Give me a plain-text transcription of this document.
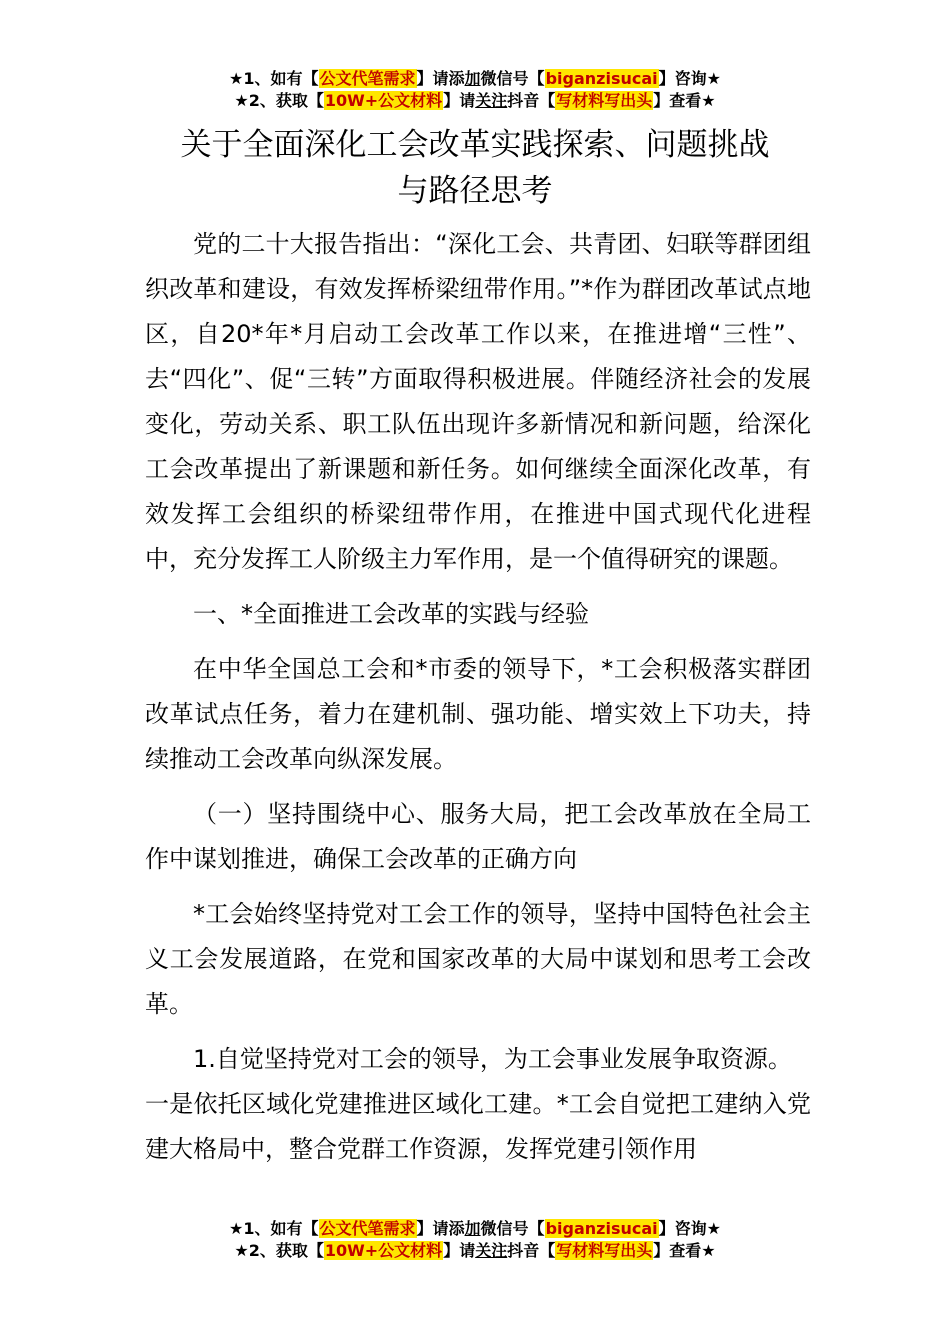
★1、如有【公文代笔需求】请添加微信号【biganzisucai】咨询★
★2、获取【10W+公文材料】请关注抖音【写材料写出头】查看★
关于全面深化工会改革实践探索、问题挑战
与路径思考

党的二十大报告指出：“深化工会、共青团、妇联等群团组织改革和建设，有效发挥桥梁纽带作用。”*作为群团改革试点地区，自20*年*月启动工会改革工作以来，在推进增“三性”、去“四化”、促“三转”方面取得积极进展。伴随经济社会的发展变化，劳动关系、职工队伍出现许多新情况和新问题，给深化工会改革提出了新课题和新任务。如何继续全面深化改革，有效发挥工会组织的桥梁纽带作用，在推进中国式现代化进程中，充分发挥工人阶级主力军作用，是一个值得研究的课题。

一、*全面推进工会改革的实践与经验

在中华全国总工会和*市委的领导下，*工会积极落实群团改革试点任务，着力在建机制、强功能、增实效上下功夫，持续推动工会改革向纵深发展。

（一）坚持围绕中心、服务大局，把工会改革放在全局工作中谋划推进，确保工会改革的正确方向

*工会始终坚持党对工会工作的领导，坚持中国特色社会主义工会发展道路，在党和国家改革的大局中谋划和思考工会改革。

1.自觉坚持党对工会的领导，为工会事业发展争取资源。

一是依托区域化党建推进区域化工建。*工会自觉把工建纳入党建大格局中，整合党群工作资源，发挥党建引领作用

★1、如有【公文代笔需求】请添加微信号【biganzisucai】咨询★
★2、获取【10W+公文材料】请关注抖音【写材料写出头】查看★
